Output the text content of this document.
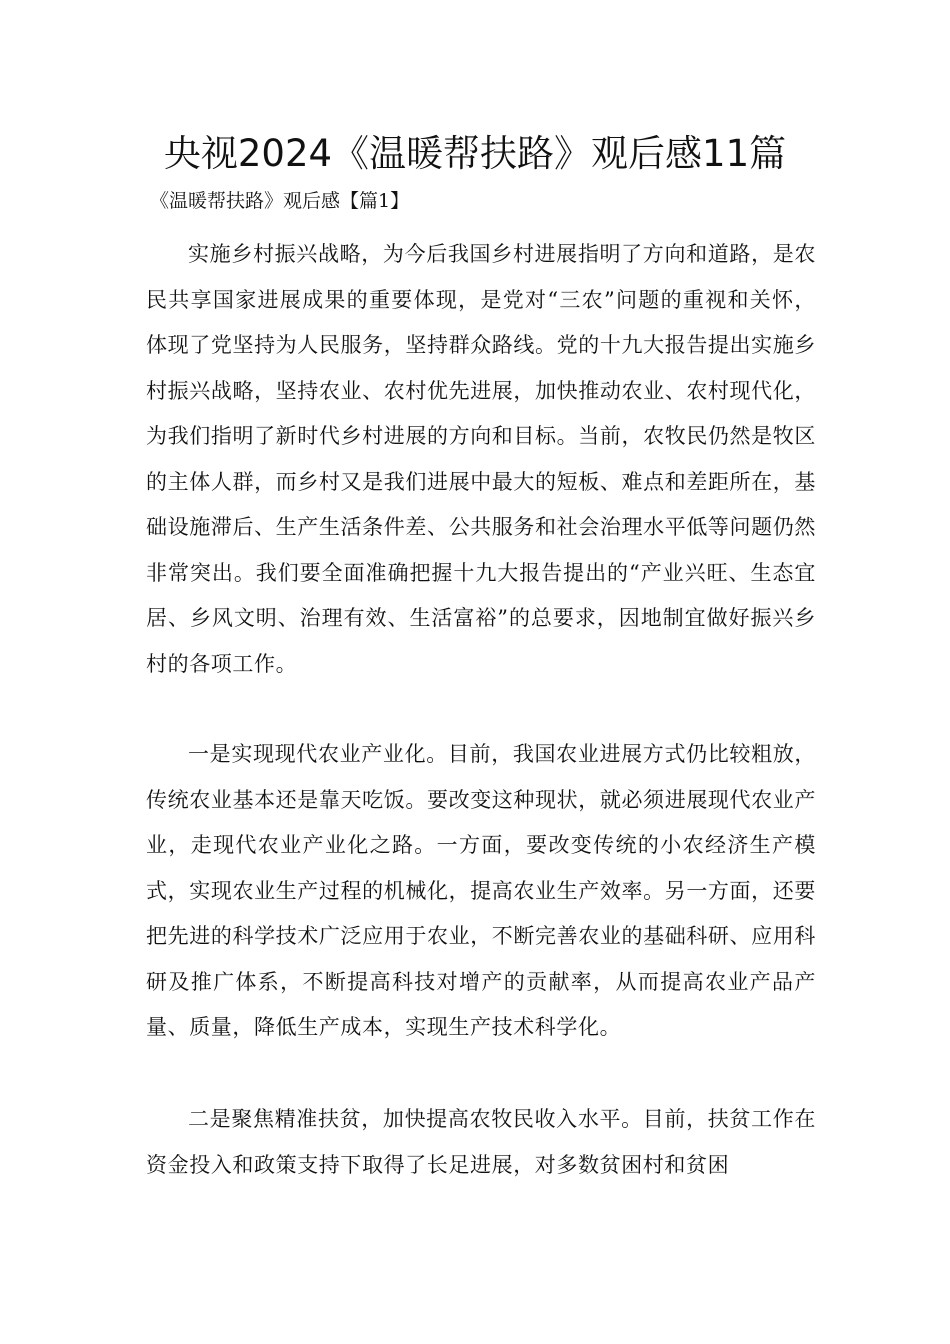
央视2024《温暖帮扶路》观后感11篇

《温暖帮扶路》观后感【篇1】

实施乡村振兴战略，为今后我国乡村进展指明了方向和道路，是农民共享国家进展成果的重要体现，是党对“三农”问题的重视和关怀，体现了党坚持为人民服务，坚持群众路线。党的十九大报告提出实施乡村振兴战略，坚持农业、农村优先进展，加快推动农业、农村现代化，为我们指明了新时代乡村进展的方向和目标。当前，农牧民仍然是牧区的主体人群，而乡村又是我们进展中最大的短板、难点和差距所在，基础设施滞后、生产生活条件差、公共服务和社会治理水平低等问题仍然非常突出。我们要全面准确把握十九大报告提出的“产业兴旺、生态宜居、乡风文明、治理有效、生活富裕”的总要求，因地制宜做好振兴乡村的各项工作。

一是实现现代农业产业化。目前，我国农业进展方式仍比较粗放，传统农业基本还是靠天吃饭。要改变这种现状，就必须进展现代农业产业，走现代农业产业化之路。一方面，要改变传统的小农经济生产模式，实现农业生产过程的机械化，提高农业生产效率。另一方面，还要把先进的科学技术广泛应用于农业，不断完善农业的基础科研、应用科研及推广体系，不断提高科技对增产的贡献率，从而提高农业产品产量、质量，降低生产成本，实现生产技术科学化。

二是聚焦精准扶贫，加快提高农牧民收入水平。目前，扶贫工作在资金投入和政策支持下取得了长足进展，对多数贫困村和贫困
